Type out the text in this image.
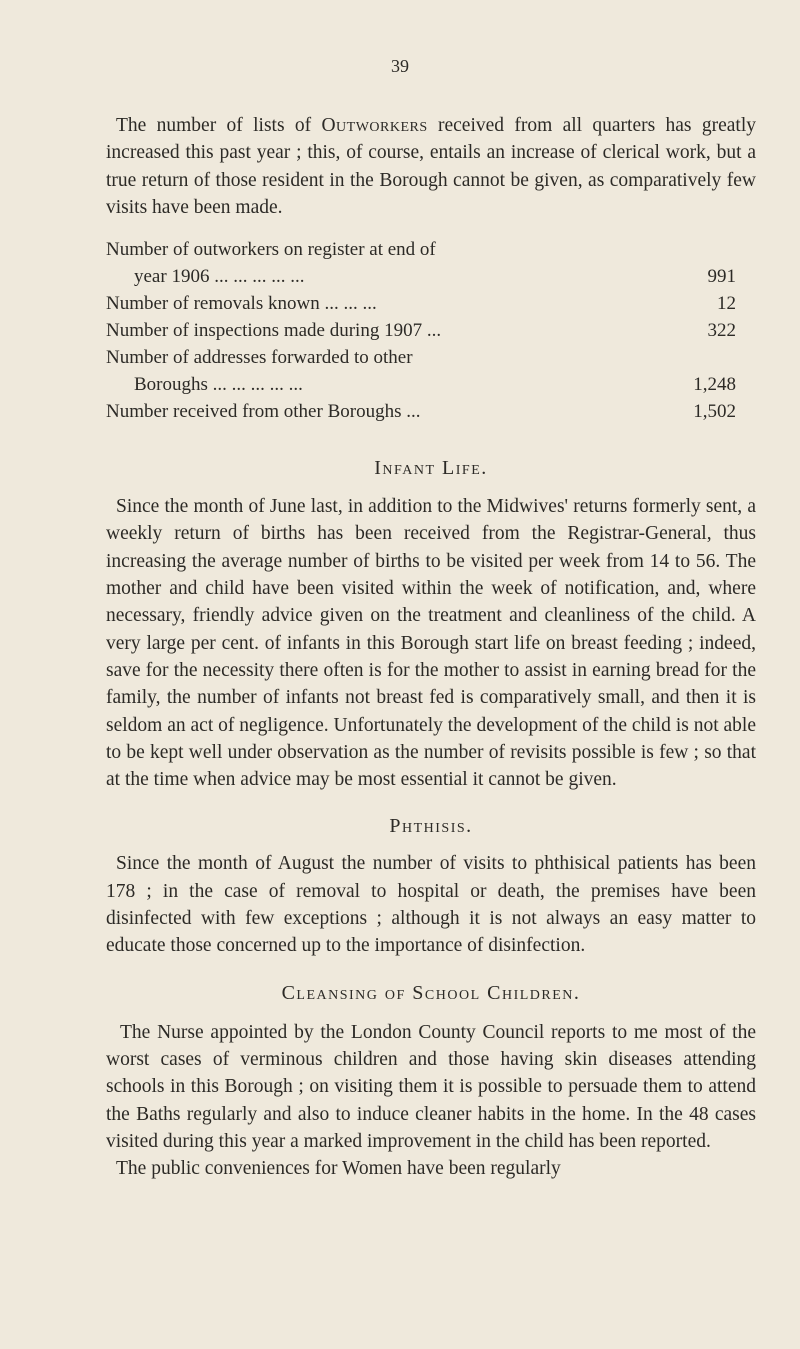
39

The number of lists of Outworkers received from all quarters has greatly increased this past year ; this, of course, entails an increase of clerical work, but a true return of those resident in the Borough cannot be given, as comparatively few visits have been made.

Number of outworkers on register at end of
year 1906 ... ... ... ... ...	991
Number of removals known ... ... ...	12
Number of inspections made during 1907 ...	322
Number of addresses forwarded to other
Boroughs ... ... ... ... ...	1,248
Number received from other Boroughs ...	1,502
Infant Life.

Since the month of June last, in addition to the Midwives' returns formerly sent, a weekly return of births has been received from the Registrar-General, thus increasing the average number of births to be visited per week from 14 to 56. The mother and child have been visited within the week of notification, and, where necessary, friendly advice given on the treatment and cleanliness of the child. A very large per cent. of infants in this Borough start life on breast feeding ; indeed, save for the necessity there often is for the mother to assist in earning bread for the family, the number of infants not breast fed is comparatively small, and then it is seldom an act of negligence. Unfortunately the development of the child is not able to be kept well under observation as the number of revisits possible is few ; so that at the time when advice may be most essential it cannot be given.

Phthisis.

Since the month of August the number of visits to phthisical patients has been 178 ; in the case of removal to hospital or death, the premises have been disinfected with few exceptions ; although it is not always an easy matter to educate those concerned up to the importance of disinfection.

Cleansing of School Children.

The Nurse appointed by the London County Council reports to me most of the worst cases of verminous children and those having skin diseases attending schools in this Borough ; on visiting them it is possible to persuade them to attend the Baths regularly and also to induce cleaner habits in the home. In the 48 cases visited during this year a marked improvement in the child has been reported.

The public conveniences for Women have been regularly
